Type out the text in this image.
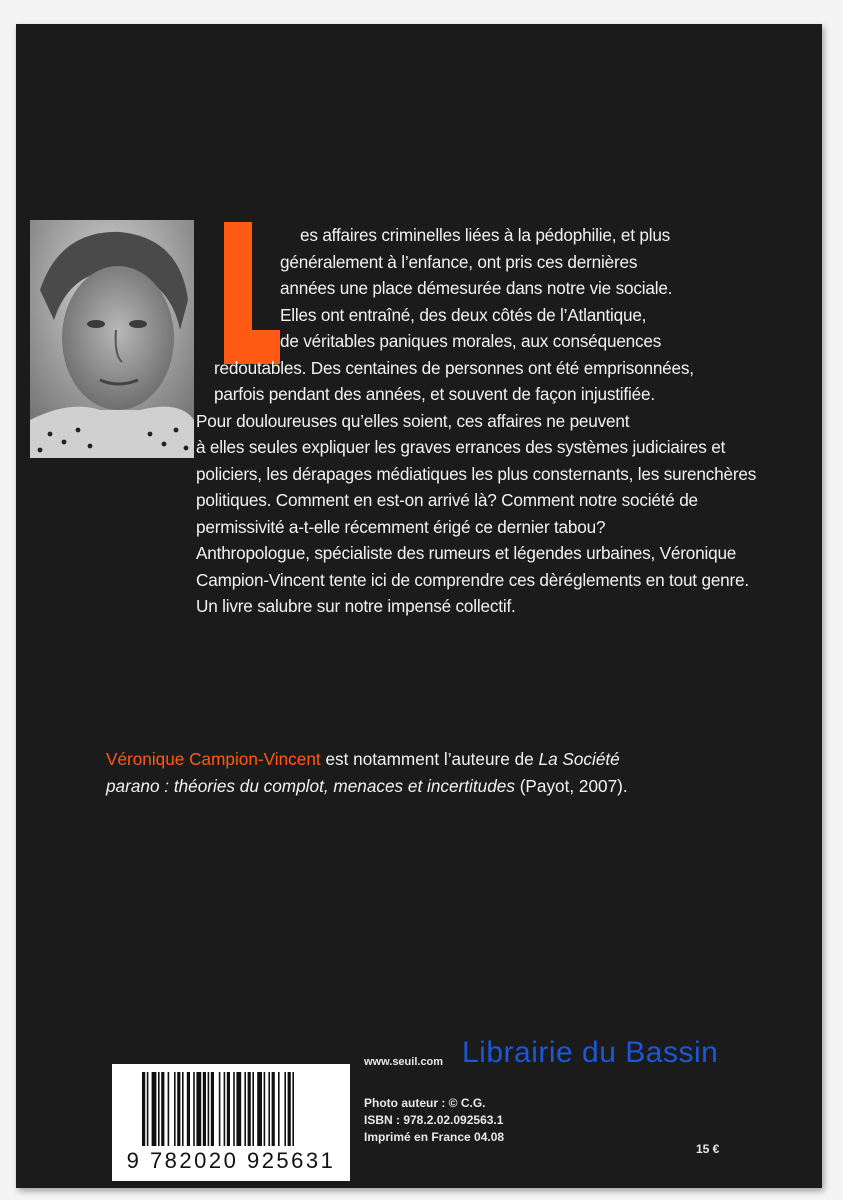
es affaires criminelles liées à la pédophilie, et plus
généralement à l’enfance, ont pris ces dernières
années une place démesurée dans notre vie sociale.
Elles ont entraîné, des deux côtés de l’Atlantique,
de véritables paniques morales, aux conséquences
redoutables. Des centaines de personnes ont été emprisonnées,
parfois pendant des années, et souvent de façon injustifiée.
Pour douloureuses qu’elles soient, ces affaires ne peuvent
à elles seules expliquer les graves errances des systèmes judiciaires et
policiers, les dérapages médiatiques les plus consternants, les surenchères
politiques. Comment en est-on arrivé là? Comment notre société de
permissivité a-t-elle récemment érigé ce dernier tabou?
Anthropologue, spécialiste des rumeurs et légendes urbaines, Véronique
Campion-Vincent tente ici de comprendre ces dèréglements en tout genre.
Un livre salubre sur notre impensé collectif.
Véronique Campion-Vincent est notamment l’auteure de La Société
parano : théories du complot, menaces et incertitudes (Payot, 2007).
9 782020 925631
www.seuil.com Librairie du Bassin
Photo auteur : © C.G.
ISBN : 978.2.02.092563.1
Imprimé en France 04.08
15 €
